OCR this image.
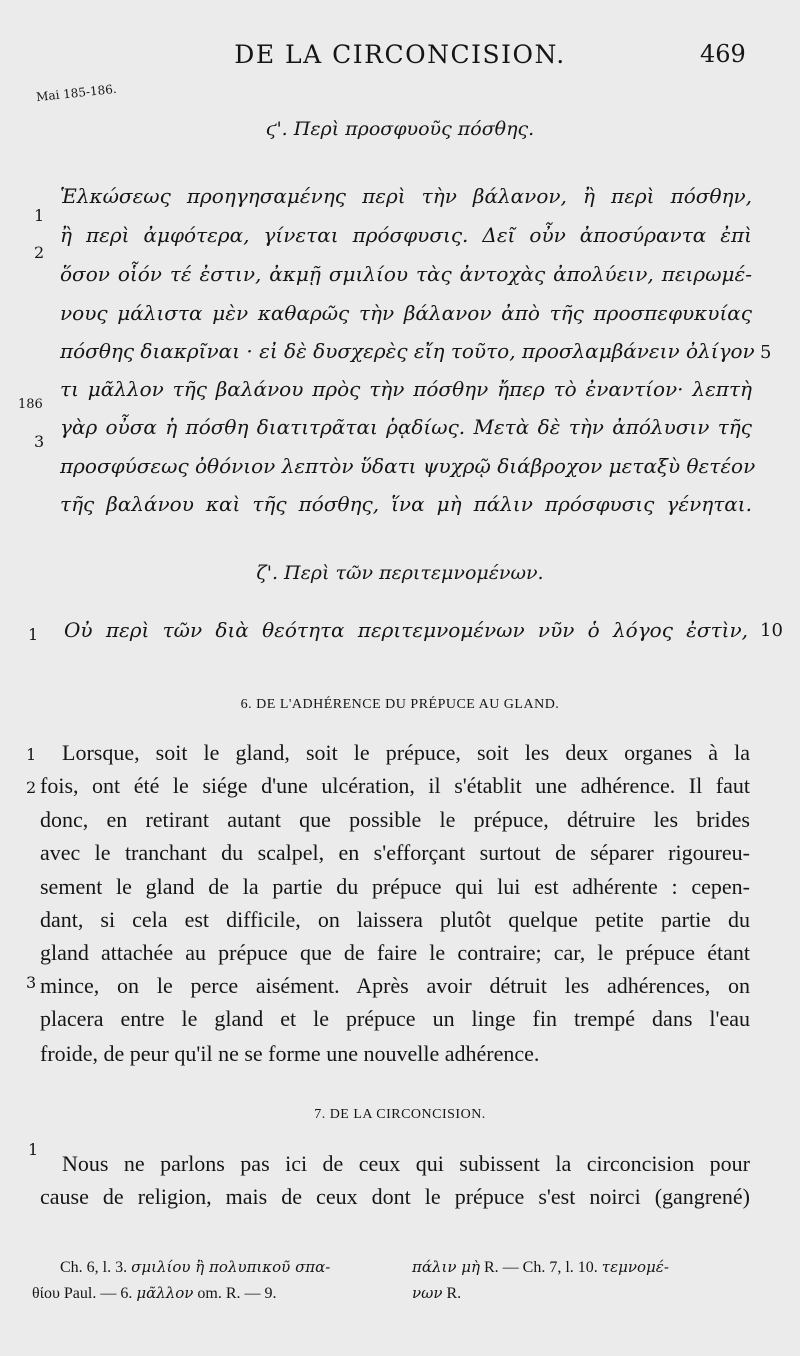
DE LA CIRCONCISION.	469
Mai 185-186.
ϛ'. Περὶ προσφυοῦς πόσθης.
Ἑλκώσεως προηγησαμένης περὶ τὴν βάλανον, ἢ περὶ πόσθην,
ἢ περὶ ἀμφότερα, γίνεται πρόσφυσις. Δεῖ οὖν ἀποσύραντα ἐπὶ
ὅσον οἷόν τέ ἐστιν, ἀκμῇ σμιλίου τὰς ἀντοχὰς ἀπολύειν, πειρωμέ-
νους μάλιστα μὲν καθαρῶς τὴν βάλανον ἀπὸ τῆς προσπεφυκυίας
πόσθης διακρῖναι · εἰ δὲ δυσχερὲς εἴη τοῦτο, προσλαμβάνειν ὀλίγον
τι μᾶλλον τῆς βαλάνου πρὸς τὴν πόσθην ἤπερ τὸ ἐναντίον· λεπτὴ
γὰρ οὖσα ἡ πόσθη διατιτρᾶται ῥᾳδίως. Μετὰ δὲ τὴν ἀπόλυσιν τῆς
προσφύσεως ὀθόνιον λεπτὸν ὕδατι ψυχρῷ διάβροχον μεταξὺ θετέον
τῆς βαλάνου καὶ τῆς πόσθης, ἵνα μὴ πάλιν πρόσφυσις γένηται.
1
2
186
3
5
ζ'. Περὶ τῶν περιτεμνομένων.
Οὐ περὶ τῶν διὰ θεότητα περιτεμνομένων νῦν ὁ λόγος ἐστὶν,
1	10
6. DE L'ADHÉRENCE DU PRÉPUCE AU GLAND.
Lorsque, soit le gland, soit le prépuce, soit les deux organes à la
fois, ont été le siége d'une ulcération, il s'établit une adhérence. Il faut
donc, en retirant autant que possible le prépuce, détruire les brides
avec le tranchant du scalpel, en s'efforçant surtout de séparer rigoureu-
sement le gland de la partie du prépuce qui lui est adhérente : cepen-
dant, si cela est difficile, on laissera plutôt quelque petite partie du
gland attachée au prépuce que de faire le contraire; car, le prépuce étant
mince, on le perce aisément. Après avoir détruit les adhérences, on
placera entre le gland et le prépuce un linge fin trempé dans l'eau
froide, de peur qu'il ne se forme une nouvelle adhérence.
1
2
3
7. DE LA CIRCONCISION.
Nous ne parlons pas ici de ceux qui subissent la circoncision pour
cause de religion, mais de ceux dont le prépuce s'est noirci (gangrené)
1
Ch. 6, l. 3. σμιλίου ἢ πολυπικοῦ σπα-
θίου Paul. — 6. μᾶλλον om. R. — 9.
πάλιν μὴ R. — Ch. 7, l. 10. τεμνομέ-
νων R.
